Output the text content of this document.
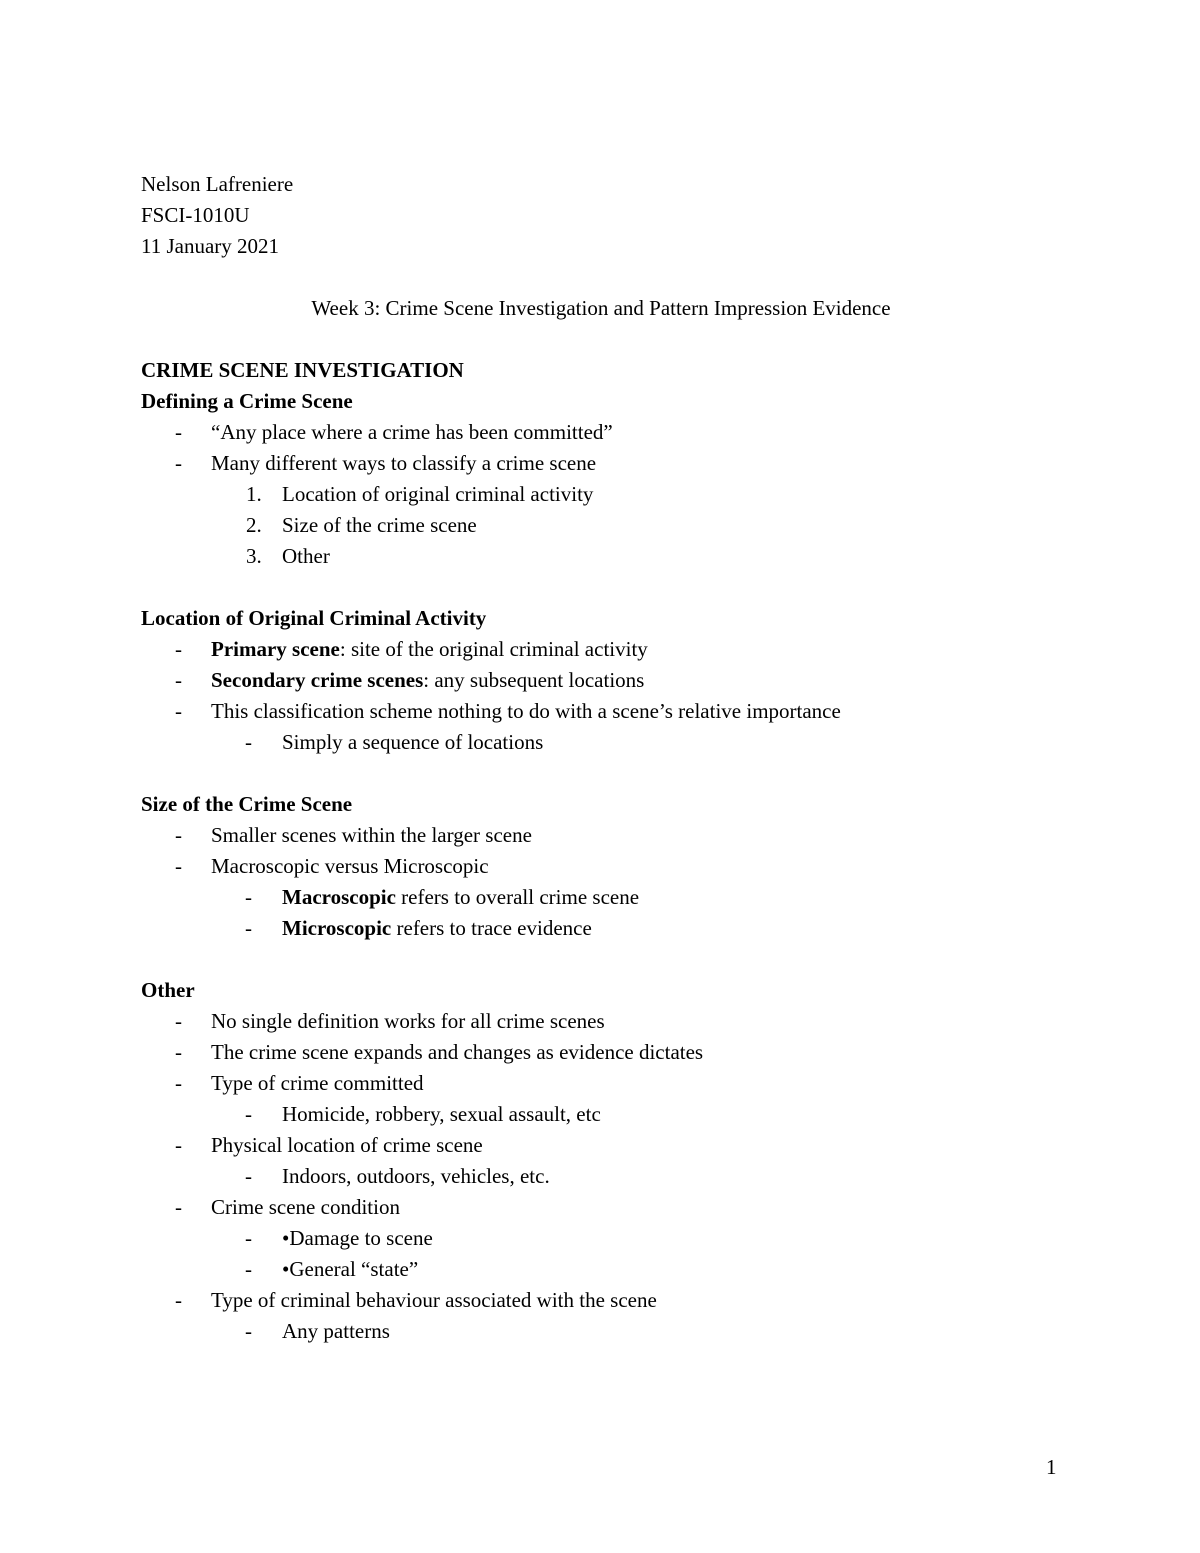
Nelson Lafreniere
FSCI-1010U
11 January 2021
Week 3: Crime Scene Investigation and Pattern Impression Evidence
CRIME SCENE INVESTIGATION
Defining a Crime Scene
- “Any place where a crime has been committed”
- Many different ways to classify a crime scene
1. Location of original criminal activity
2. Size of the crime scene
3. Other
Location of Original Criminal Activity
- Primary scene: site of the original criminal activity
- Secondary crime scenes: any subsequent locations
- This classification scheme nothing to do with a scene’s relative importance
- Simply a sequence of locations
Size of the Crime Scene
- Smaller scenes within the larger scene
- Macroscopic versus Microscopic
- Macroscopic refers to overall crime scene
- Microscopic refers to trace evidence
Other
- No single definition works for all crime scenes
- The crime scene expands and changes as evidence dictates
- Type of crime committed
- Homicide, robbery, sexual assault, etc
- Physical location of crime scene
- Indoors, outdoors, vehicles, etc.
- Crime scene condition
- •Damage to scene
- •General “state”
- Type of criminal behaviour associated with the scene
- Any patterns
1
